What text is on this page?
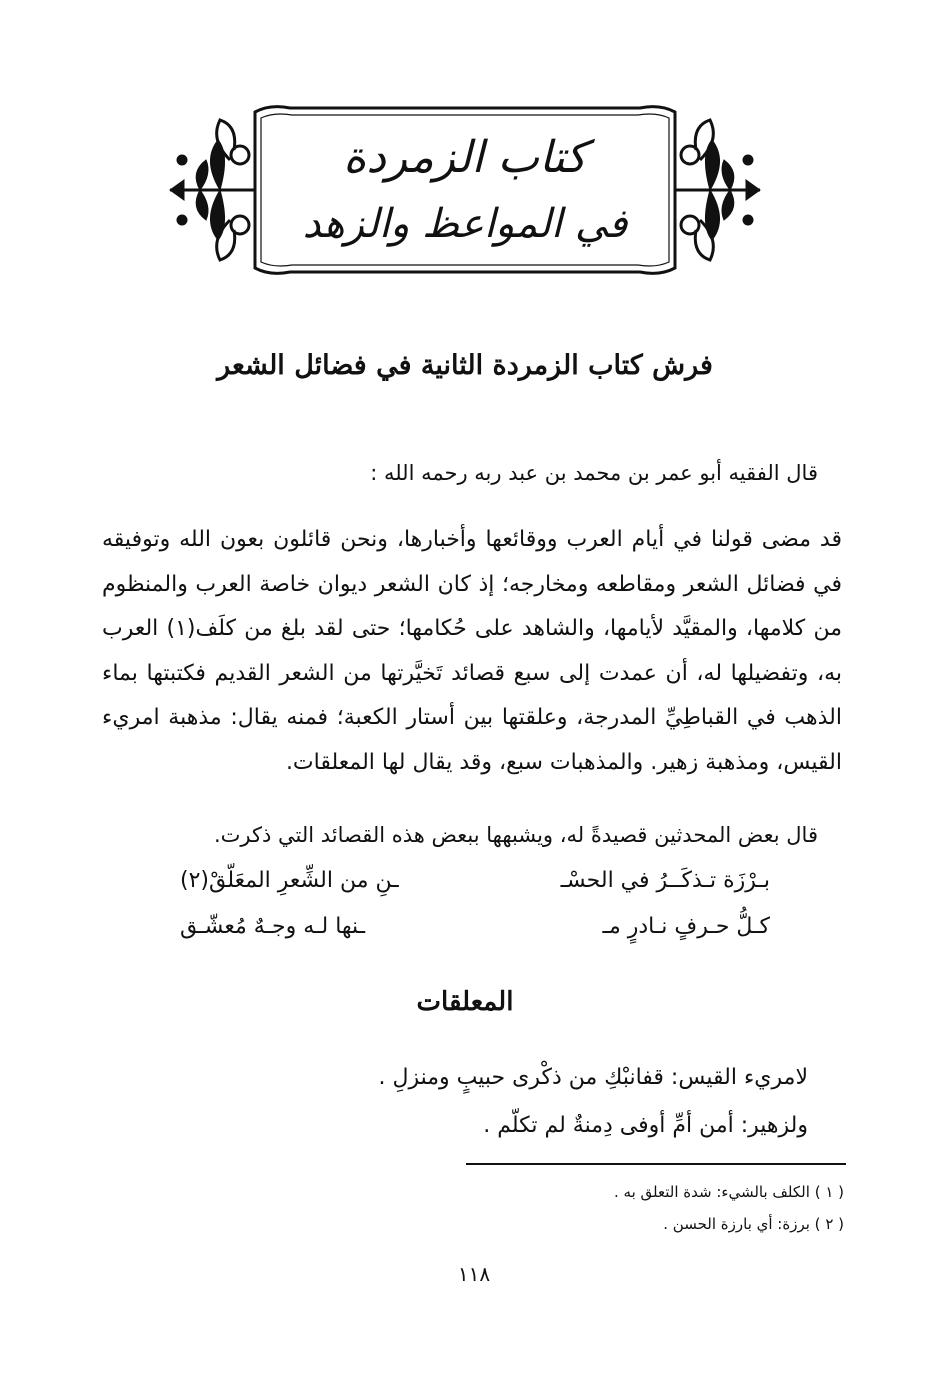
كتاب الزمردة
في المواعظ والزهد
فرش كتاب الزمردة الثانية في فضائل الشعر
قال الفقيه أبو عمر بن محمد بن عبد ربه رحمه الله :
قد مضى قولنا في أيام العرب ووقائعها وأخبارها، ونحن قائلون بعون الله وتوفيقه في فضائل الشعر ومقاطعه ومخارجه؛ إذ كان الشعر ديوان خاصة العرب والمنظوم من كلامها، والمقيَّد لأيامها، والشاهد على حُكامها؛ حتى لقد بلغ من كلَف(١) العرب به، وتفضيلها له، أن عمدت إلى سبع قصائد تَخيَّرتها من الشعر القديم فكتبتها بماء الذهب في القباطِيِّ المدرجة، وعلقتها بين أستار الكعبة؛ فمنه يقال: مذهبة امريء القيس، ومذهبة زهير. والمذهبات سبع، وقد يقال لها المعلقات.
قال بعض المحدثين قصيدةً له، ويشبهها ببعض هذه القصائد التي ذكرت.
بـرْزَة تـذكَــرُ في الحسْـ
ـنِ من الشِّعرِ المعَلّقْ(٢)
كـلُّ حـرفٍ نـادرٍ مـ
ـنها لـه وجـهٌ مُعشّـق
المعلقات
لامريء القيس: قفانبْكِ من ذكْرى حبيبٍ ومنزلِ .
ولزهير: أمن أمِّ أوفى دِمنةٌ لم تكلّم .
( ١ ) الكلف بالشيء: شدة التعلق به .
( ٢ ) برزة: أي بارزة الحسن .
١١٨
